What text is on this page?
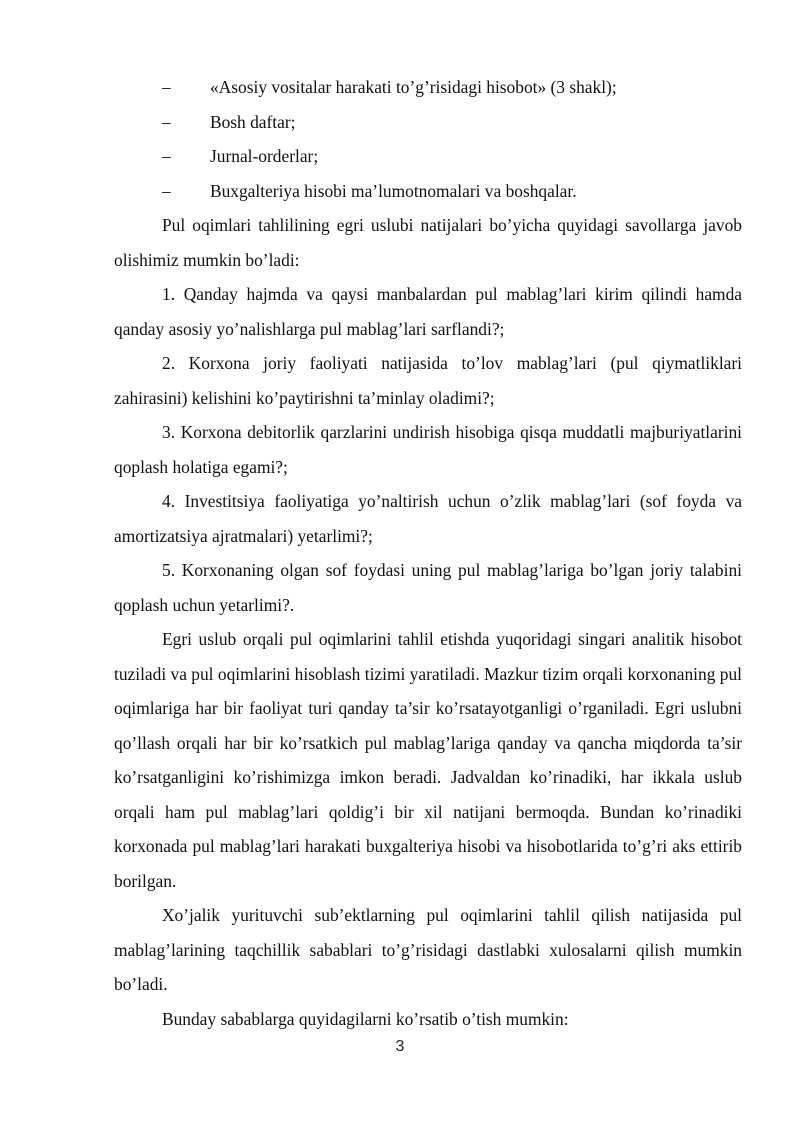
– «Asosiy vositalar harakati to’g’risidagi hisobot» (3 shakl);
– Bosh daftar;
– Jurnal-orderlar;
– Buxgalteriya hisobi ma’lumotnomalari va boshqalar.

Pul oqimlari tahlilining egri uslubi natijalari bo’yicha quyidagi savollarga javob olishimiz mumkin bo’ladi:

1. Qanday hajmda va qaysi manbalardan pul mablag’lari kirim qilindi hamda qanday asosiy yo’nalishlarga pul mablag’lari sarflandi?;

2. Korxona joriy faoliyati natijasida to’lov mablag’lari (pul qiymatliklari zahirasini) kelishini ko’paytirishni ta’minlay oladimi?;

3. Korxona debitorlik qarzlarini undirish hisobiga qisqa muddatli majburiyatlarini qoplash holatiga egami?;

4. Investitsiya faoliyatiga yo’naltirish uchun o’zlik mablag’lari (sof foyda va amortizatsiya ajratmalari) yetarlimi?;

5. Korxonaning olgan sof foydasi uning pul mablag’lariga bo’lgan joriy talabini qoplash uchun yetarlimi?.

Egri uslub orqali pul oqimlarini tahlil etishda yuqoridagi singari analitik hisobot tuziladi va pul oqimlarini hisoblash tizimi yaratiladi. Mazkur tizim orqali korxonaning pul oqimlariga har bir faoliyat turi qanday ta’sir ko’rsatayotganligi o’rganiladi. Egri uslubni qo’llash orqali har bir ko’rsatkich pul mablag’lariga qanday va qancha miqdorda ta’sir ko’rsatganligini ko’rishimizga imkon beradi. Jadvaldan ko’rinadiki, har ikkala uslub orqali ham pul mablag’lari qoldig’i bir xil natijani bermoqda. Bundan ko’rinadiki korxonada pul mablag’lari harakati buxgalteriya hisobi va hisobotlarida to’g’ri aks ettirib borilgan.

Xo’jalik yurituvchi sub’ektlarning pul oqimlarini tahlil qilish natijasida pul mablag’larining taqchillik sabablari to’g’risidagi dastlabki xulosalarni qilish mumkin bo’ladi.

Bunday sabablarga quyidagilarni ko’rsatib o’tish mumkin:

3
